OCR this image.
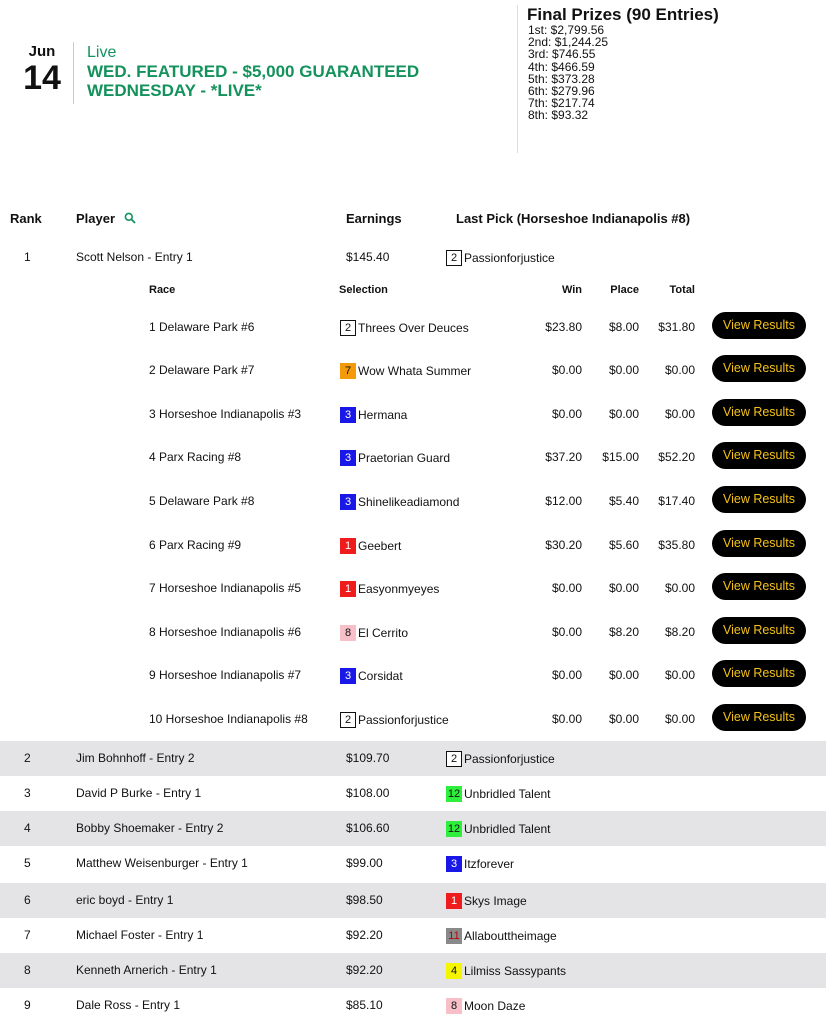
Jun
14
Live
WED. FEATURED - $5,000 GUARANTEED
WEDNESDAY - *LIVE*
Final Prizes (90 Entries)
1st: $2,799.56
2nd: $1,244.25
3rd: $746.55
4th: $466.59
5th: $373.28
6th: $279.96
7th: $217.74
8th: $93.32
Rank	Player	Earnings	Last Pick (Horseshoe Indianapolis #8)
1	Scott Nelson - Entry 1	$145.40	2 Passionforjustice
Race	Selection	Win	Place	Total
1 Delaware Park #6	2 Threes Over Deuces	$23.80	$8.00	$31.80	View Results
2 Delaware Park #7	7 Wow Whata Summer	$0.00	$0.00	$0.00	View Results
3 Horseshoe Indianapolis #3	3 Hermana	$0.00	$0.00	$0.00	View Results
4 Parx Racing #8	3 Praetorian Guard	$37.20	$15.00	$52.20	View Results
5 Delaware Park #8	3 Shinelikeadiamond	$12.00	$5.40	$17.40	View Results
6 Parx Racing #9	1 Geebert	$30.20	$5.60	$35.80	View Results
7 Horseshoe Indianapolis #5	1 Easyonmyeyes	$0.00	$0.00	$0.00	View Results
8 Horseshoe Indianapolis #6	8 El Cerrito	$0.00	$8.20	$8.20	View Results
9 Horseshoe Indianapolis #7	3 Corsidat	$0.00	$0.00	$0.00	View Results
10 Horseshoe Indianapolis #8	2 Passionforjustice	$0.00	$0.00	$0.00	View Results
2	Jim Bohnhoff - Entry 2	$109.70	2 Passionforjustice
3	David P Burke - Entry 1	$108.00	12 Unbridled Talent
4	Bobby Shoemaker - Entry 2	$106.60	12 Unbridled Talent
5	Matthew Weisenburger - Entry 1	$99.00	3 Itzforever
6	eric boyd - Entry 1	$98.50	1 Skys Image
7	Michael Foster - Entry 1	$92.20	11 Allabouttheimage
8	Kenneth Arnerich - Entry 1	$92.20	4 Lilmiss Sassypants
9	Dale Ross - Entry 1	$85.10	8 Moon Daze
